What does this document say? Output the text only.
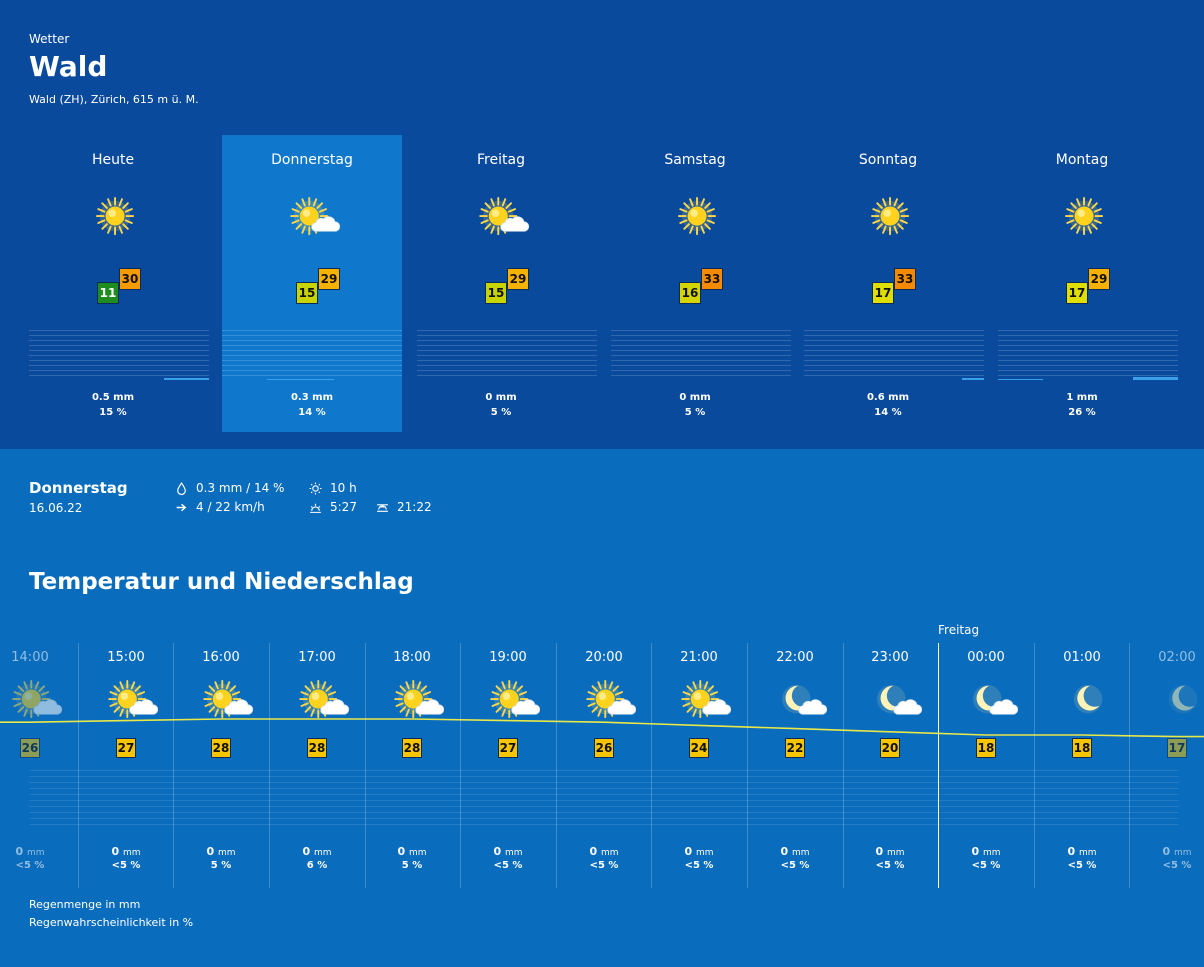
Wetter
Wald
Wald (ZH), Zürich, 615 m ü. M.
Heute
11
30
0.5 mm
15 %
Donnerstag
15
29
0.3 mm
14 %
Freitag
15
29
0 mm
5 %
Samstag
16
33
0 mm
5 %
Sonntag
17
33
0.6 mm
14 %
Montag
17
29
1 mm
26 %
Donnerstag
16.06.22
0.3 mm / 14 %
4 / 22 km/h
10 h
5:27	21:22
Temperatur und Niederschlag
Freitag
14:00
26
0 mm
<5 %
15:00
27
0 mm
<5 %
16:00
28
0 mm
5 %
17:00
28
0 mm
6 %
18:00
28
0 mm
5 %
19:00
27
0 mm
<5 %
20:00
26
0 mm
<5 %
21:00
24
0 mm
<5 %
22:00
22
0 mm
<5 %
23:00
20
0 mm
<5 %
00:00
18
0 mm
<5 %
01:00
18
0 mm
<5 %
02:00
17
0 mm
<5 %
Regenmenge in mm
Regenwahrscheinlichkeit in %
